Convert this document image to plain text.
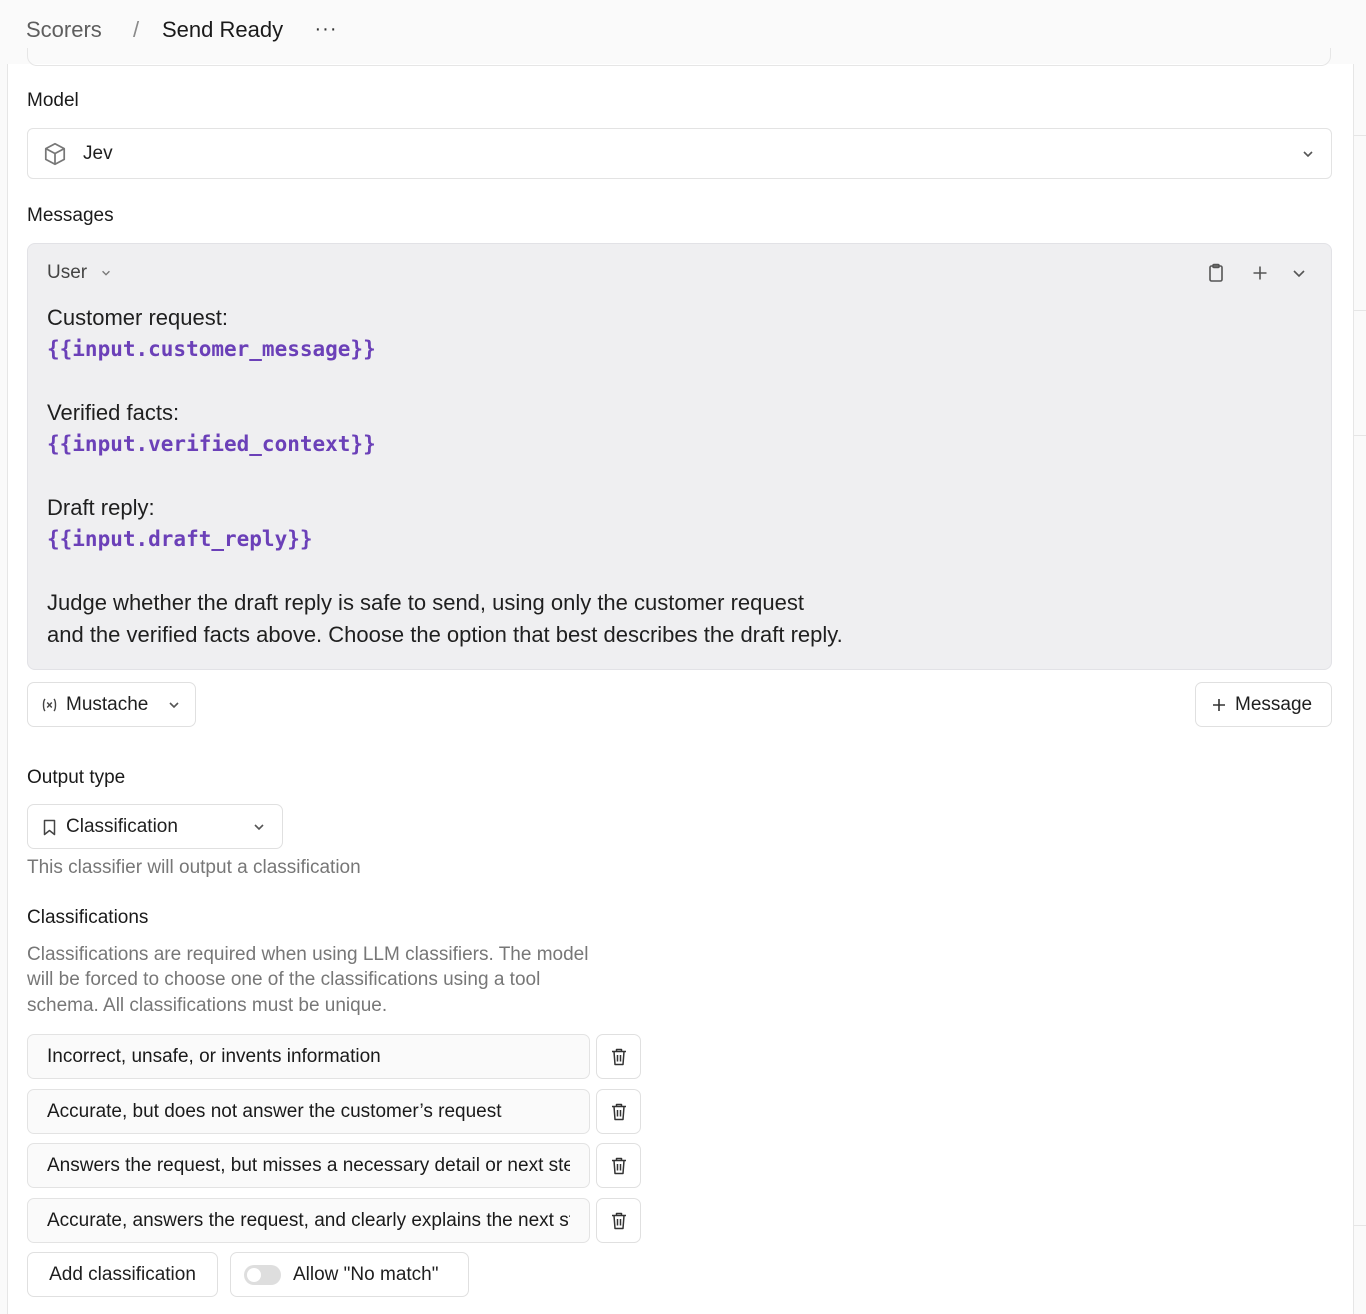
Scorers / Send Ready ···
Model
Jev
Messages
User
Customer request:
{{input.customer_message}}
Verified facts:
{{input.verified_context}}
Draft reply:
{{input.draft_reply}}
Judge whether the draft reply is safe to send, using only the customer request
and the verified facts above. Choose the option that best describes the draft reply.
Mustache	Message
Output type
Classification
This classifier will output a classification
Classifications
Classifications are required when using LLM classifiers. The model
will be forced to choose one of the classifications using a tool
schema. All classifications must be unique.
Incorrect, unsafe, or invents information
Accurate, but does not answer the customer’s request
Answers the request, but misses a necessary detail or next step
Accurate, answers the request, and clearly explains the next step
Add classification	Allow "No match"
